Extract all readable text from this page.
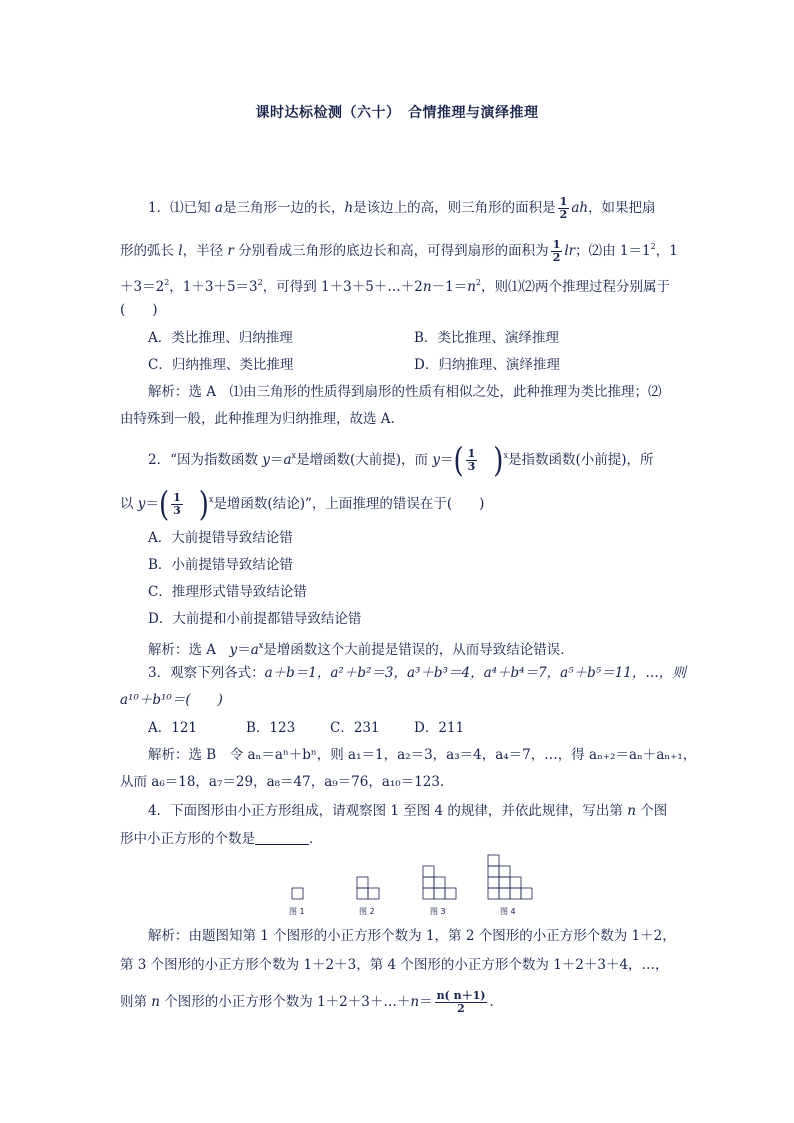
课时达标检测（六十）　合情推理与演绎推理
1．⑴已知 a是三角形一边的长，h是该边上的高，则三角形的面积是 $\frac{1}{2}$ ah，如果把扇
形的弧长 l，半径 r 分别看成三角形的底边长和高，可得到扇形的面积为 $\frac{1}{2}$ lr；⑵由 $1=1^2$，1
$+3=2^2$，$1+3+5=3^2$，可得到 $1+3+5+\dots+2n-1=n^2$，则⑴⑵两个推理过程分别属于
(　　)
A．类比推理、归纳推理	B．类比推理、演绎推理
C．归纳推理、类比推理	D．归纳推理、演绎推理
解析：选 A　⑴由三角形的性质得到扇形的性质有相似之处，此种推理为类比推理；⑵
由特殊到一般，此种推理为归纳推理，故选 A.
2．“因为指数函数 $y=a^x$是增函数(大前提)，而 $y=( \frac{1}{3} )^x$是指数函数(小前提)，所
以 $y=( \frac{1}{3} )^x$是增函数(结论)”，上面推理的错误在于(　　)
A．大前提错导致结论错
B．小前提错导致结论错
C．推理形式错导致结论错
D．大前提和小前提都错导致结论错
解析：选 A　$y=a^x$是增函数这个大前提是错误的，从而导致结论错误．
3．观察下列各式：a＋b＝1，a²＋b²＝3，a³＋b³＝4，a⁴＋b⁴＝7，a⁵＋b⁵＝11，…，则
a¹⁰＋b¹⁰＝(　　)
A．121	B．123	C．231	D．211
解析：选 B　令 aₙ＝aⁿ＋bⁿ，则 a₁＝1，a₂＝3，a₃＝4，a₄＝7，…，得 aₙ₊₂＝aₙ＋aₙ₊₁，
从而 a₆＝18，a₇＝29，a₈＝47，a₉＝76，a₁₀＝123.
4．下面图形由小正方形组成，请观察图 1 至图 4 的规律，并依此规律，写出第 n 个图
形中小正方形的个数是	．
图 1	图 2	图 3	图 4
解析：由题图知第 1 个图形的小正方形个数为 1，第 2 个图形的小正方形个数为 1＋2，
第 3 个图形的小正方形个数为 1＋2＋3，第 4 个图形的小正方形个数为 1＋2＋3＋4，…，
则第 n 个图形的小正方形个数为 1＋2＋3＋…＋n＝ $\frac{n( n+1)}{2}$ .
